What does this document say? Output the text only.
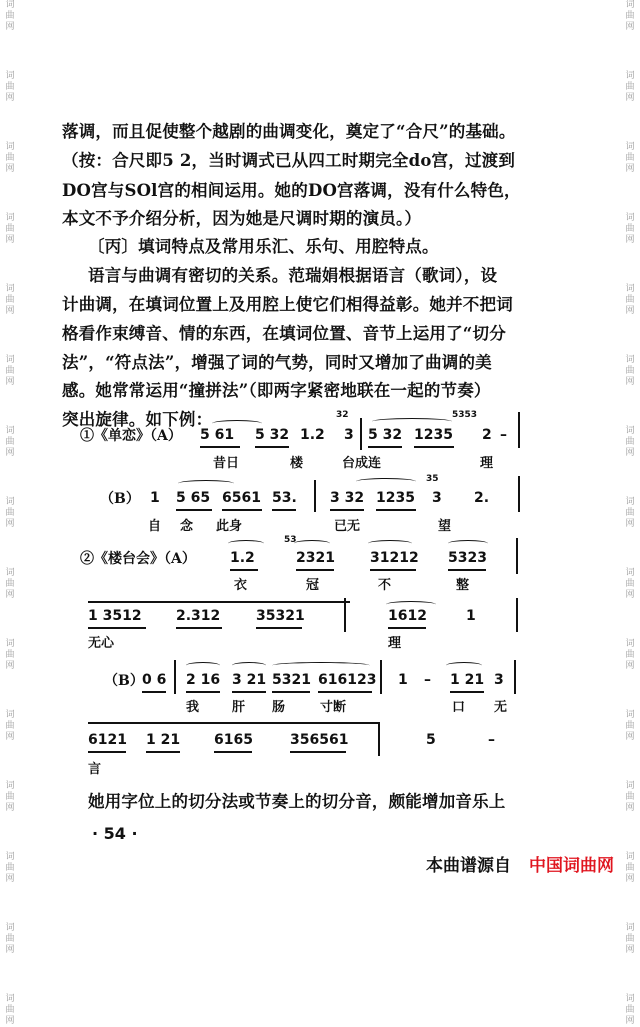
词曲网
词曲网
词曲网
词曲网
词曲网
词曲网
词曲网
词曲网
词曲网
词曲网
词曲网
词曲网
词曲网
词曲网
词曲网
词曲网
词曲网
词曲网
词曲网
词曲网
词曲网
词曲网
词曲网
词曲网
词曲网
词曲网
词曲网
词曲网
词曲网
词曲网
落调，而且促使整个越剧的曲调变化，奠定了“合尺”的基础。
（按：合尺即5 2，当时调式已从四工时期完全do宫，过渡到
DO宫与SOl宫的相间运用。她的DO宫落调，没有什么特色，
本文不予介绍分析，因为她是尺调时期的演员。）
〔丙〕填词特点及常用乐汇、乐句、用腔特点。
语言与曲调有密切的关系。范瑞娟根据语言（歌词），设
计曲调，在填词位置上及用腔上使它们相得益彰。她并不把词
格看作束缚音、情的东西，在填词位置、音节上运用了“切分
法”，“符点法”，增强了词的气势，同时又增加了曲调的美
感。她常常运用“撞拼法”（即两字紧密地联在一起的节奏）
突出旋律。如下例：
①《单恋》（A）
32	5353
5 61 5 32 1.2 3 5 32 1235 2 –
昔日	楼	台成连	理
（B）
35
1 5 65 6561 53. 3 32 1235 3 2.
自 念 此身	已无	望
②《楼台会》（A）
53
1.2	2321	31212 5323
衣	冠	不	整
1 3512 2.312	35321	1612	1
无心	理
（B）
0 6 2 16 3 21 5321 616123 1 – 1 21 3
我	肝 肠	寸断	口 无
6121 1 21 6165	356561	5	–
言
她用字位上的切分法或节奏上的切分音，颇能增加音乐上
· 54 ·
本曲谱源自 中国词曲网
